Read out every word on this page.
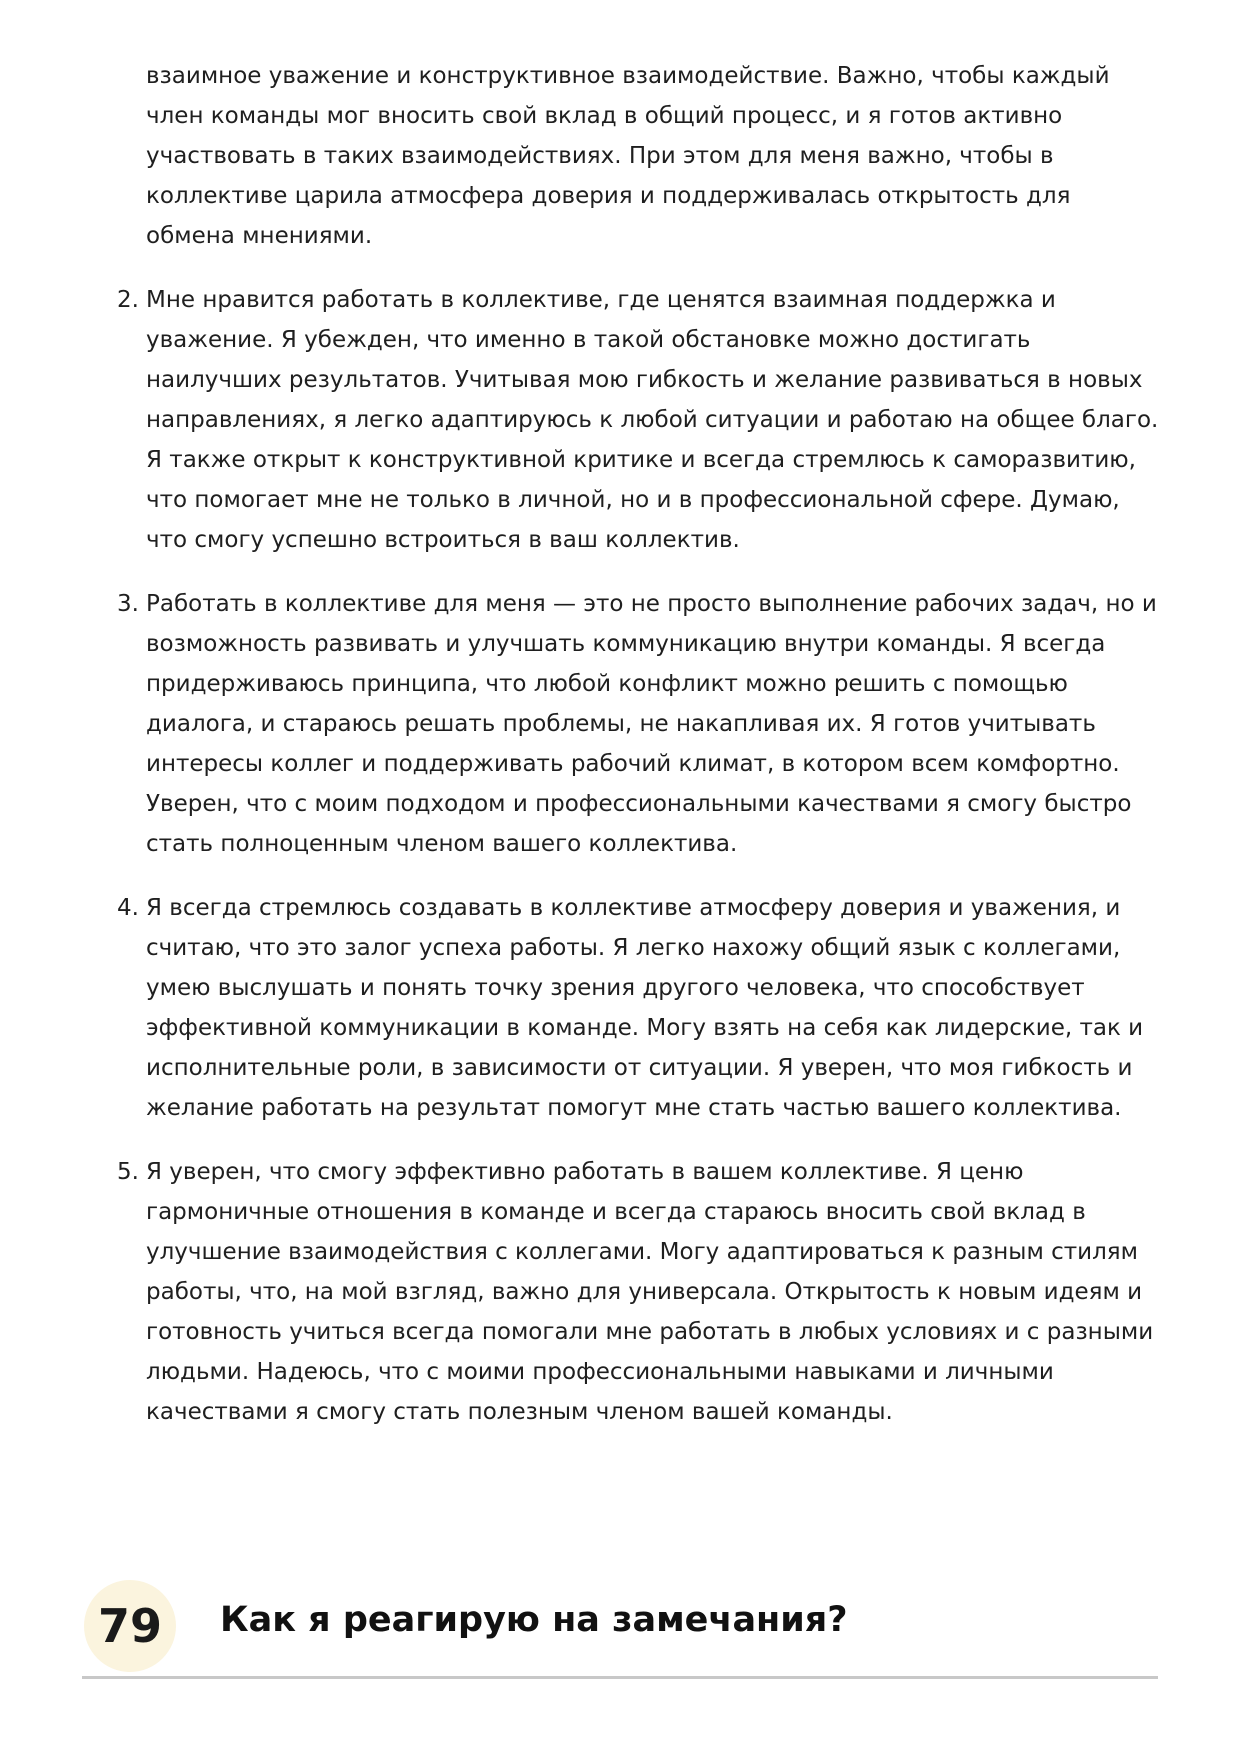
взаимное уважение и конструктивное взаимодействие. Важно, чтобы каждый член команды мог вносить свой вклад в общий процесс, и я готов активно участвовать в таких взаимодействиях. При этом для меня важно, чтобы в коллективе царила атмосфера доверия и поддерживалась открытость для обмена мнениями.

2. Мне нравится работать в коллективе, где ценятся взаимная поддержка и уважение. Я убежден, что именно в такой обстановке можно достигать наилучших результатов. Учитывая мою гибкость и желание развиваться в новых направлениях, я легко адаптируюсь к любой ситуации и работаю на общее благо. Я также открыт к конструктивной критике и всегда стремлюсь к саморазвитию, что помогает мне не только в личной, но и в профессиональной сфере. Думаю, что смогу успешно встроиться в ваш коллектив.

3. Работать в коллективе для меня — это не просто выполнение рабочих задач, но и возможность развивать и улучшать коммуникацию внутри команды. Я всегда придерживаюсь принципа, что любой конфликт можно решить с помощью диалога, и стараюсь решать проблемы, не накапливая их. Я готов учитывать интересы коллег и поддерживать рабочий климат, в котором всем комфортно. Уверен, что с моим подходом и профессиональными качествами я смогу быстро стать полноценным членом вашего коллектива.

4. Я всегда стремлюсь создавать в коллективе атмосферу доверия и уважения, и считаю, что это залог успеха работы. Я легко нахожу общий язык с коллегами, умею выслушать и понять точку зрения другого человека, что способствует эффективной коммуникации в команде. Могу взять на себя как лидерские, так и исполнительные роли, в зависимости от ситуации. Я уверен, что моя гибкость и желание работать на результат помогут мне стать частью вашего коллектива.

5. Я уверен, что смогу эффективно работать в вашем коллективе. Я ценю гармоничные отношения в команде и всегда стараюсь вносить свой вклад в улучшение взаимодействия с коллегами. Могу адаптироваться к разным стилям работы, что, на мой взгляд, важно для универсала. Открытость к новым идеям и готовность учиться всегда помогали мне работать в любых условиях и с разными людьми. Надеюсь, что с моими профессиональными навыками и личными качествами я смогу стать полезным членом вашей команды.

79	Как я реагирую на замечания?
